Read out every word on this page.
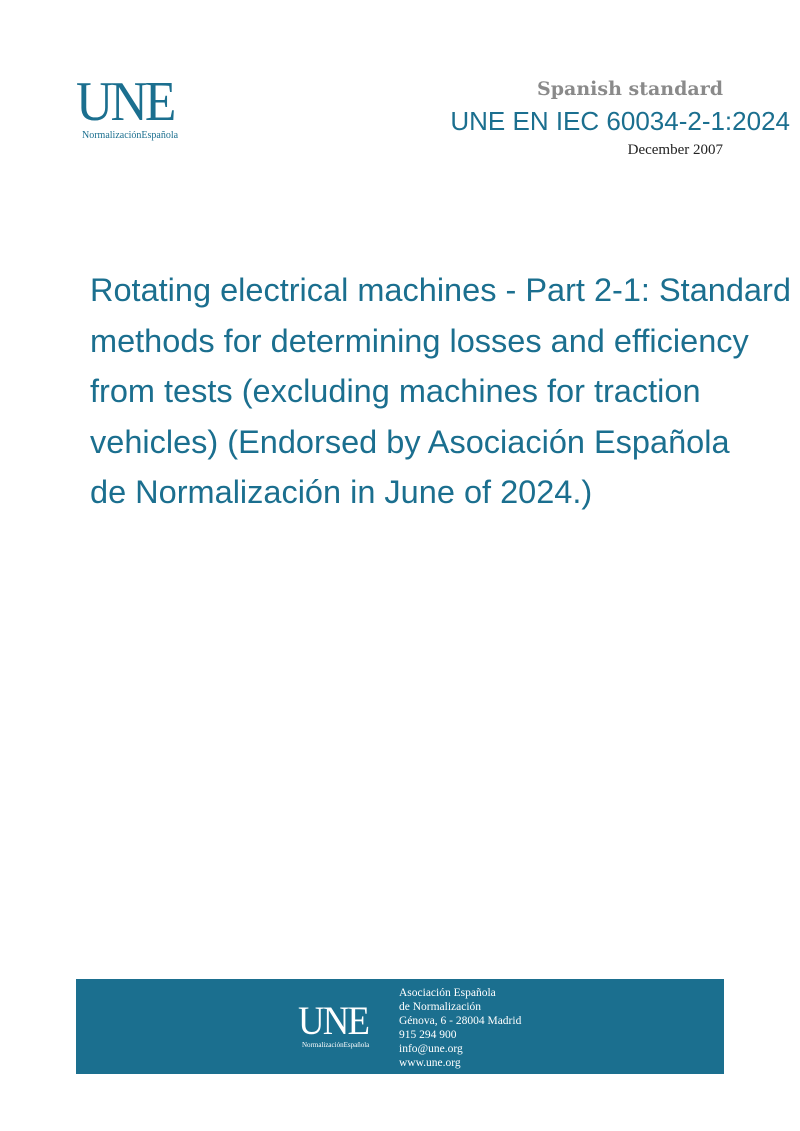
UNE
NormalizaciónEspañola
Spanish standard
UNE EN IEC 60034-2-1:2024
December 2007
Rotating electrical machines - Part 2-1: Standard
methods for determining losses and efficiency
from tests (excluding machines for traction
vehicles) (Endorsed by Asociación Española
de Normalización in June of 2024.)
UNE
NormalizaciónEspañola
Asociación Española
de Normalización
Génova, 6 - 28004 Madrid
915 294 900
info@une.org
www.une.org
